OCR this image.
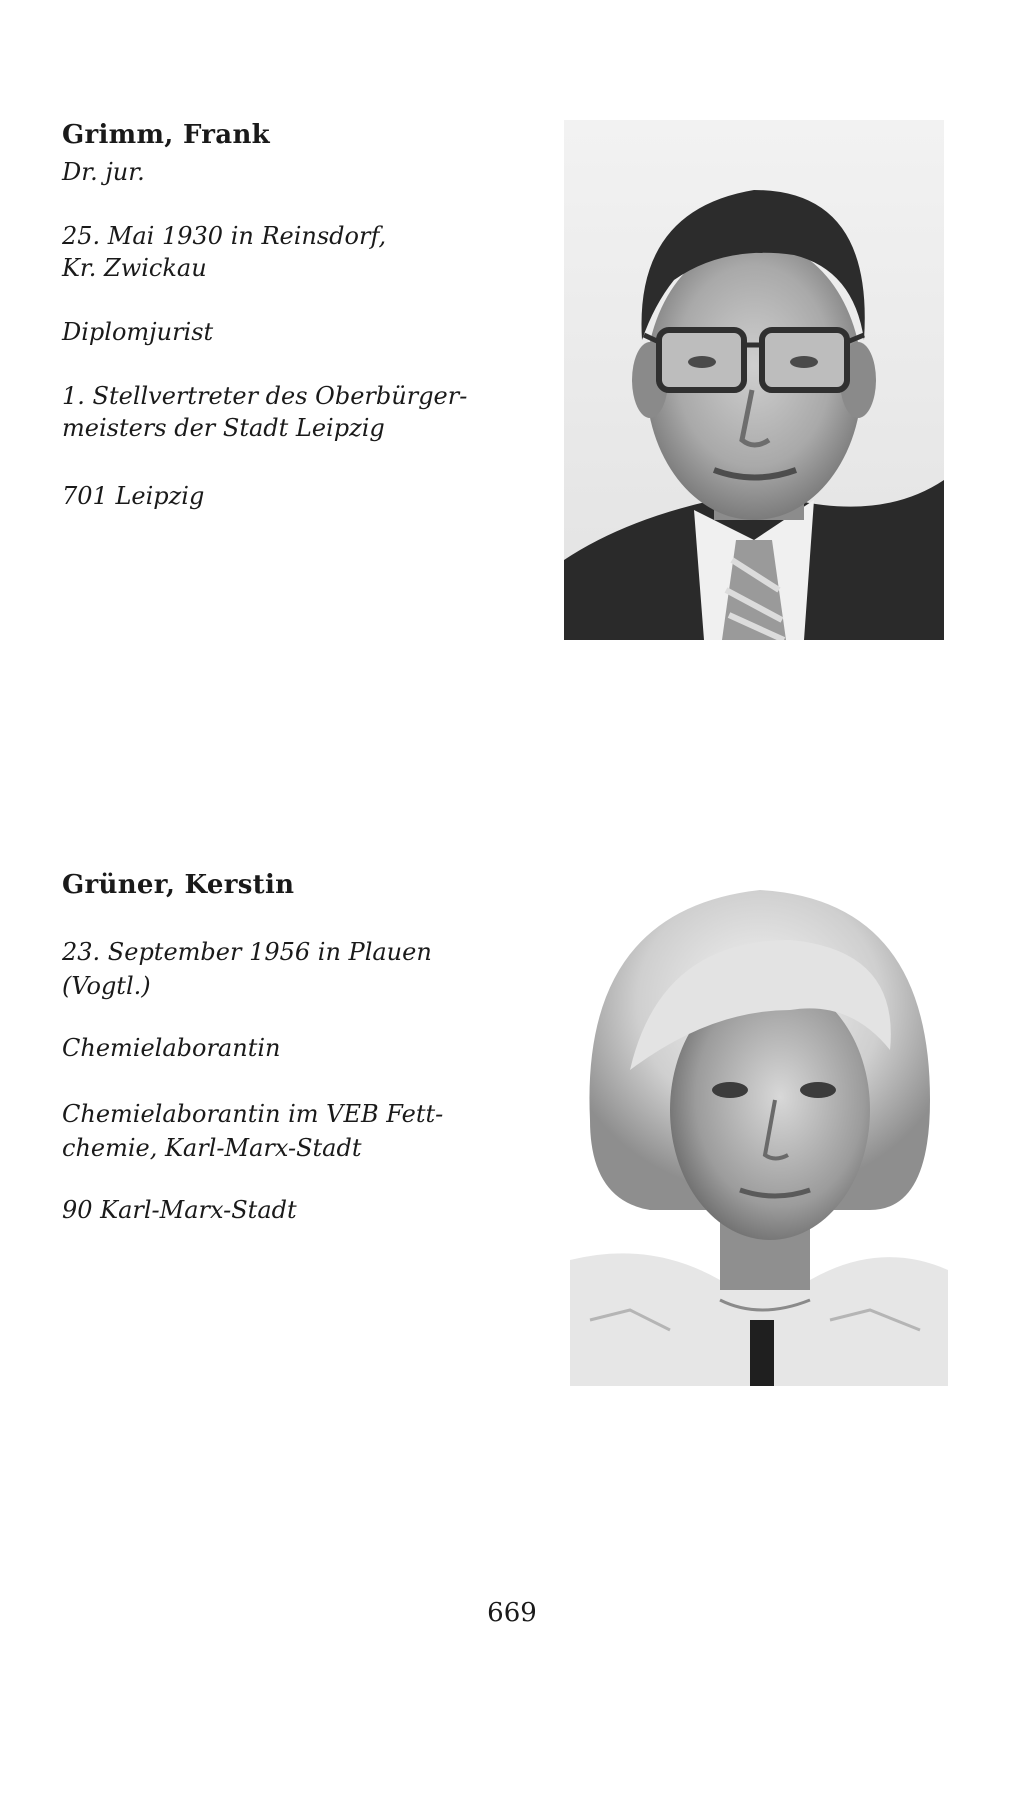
Grimm, Frank
Dr. jur.
25. Mai 1930 in Reinsdorf,
Kr. Zwickau
Diplomjurist
1. Stellvertreter des Oberbürger-
meisters der Stadt Leipzig
701 Leipzig
Grüner, Kerstin
23. September 1956 in Plauen
(Vogtl.)
Chemielaborantin
Chemielaborantin im VEB Fett-
chemie, Karl-Marx-Stadt
90 Karl-Marx-Stadt
669
